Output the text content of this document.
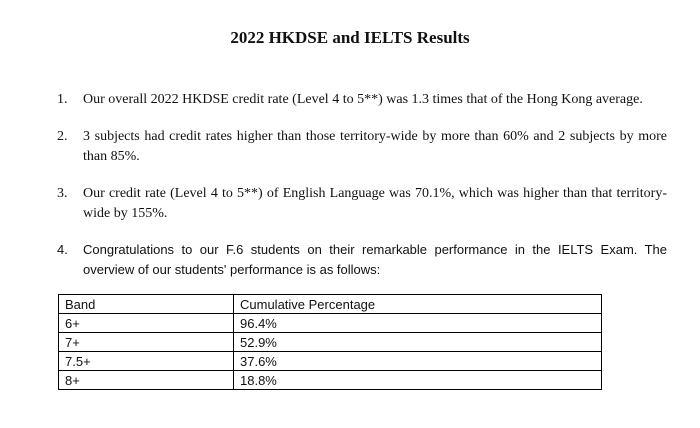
2022 HKDSE and IELTS Results
1. Our overall 2022 HKDSE credit rate (Level 4 to 5**) was 1.3 times that of the Hong Kong average.
2. 3 subjects had credit rates higher than those territory-wide by more than 60% and 2 subjects by more than 85%.
3. Our credit rate (Level 4 to 5**) of English Language was 70.1%, which was higher than that territory-wide by 155%.
4. Congratulations to our F.6 students on their remarkable performance in the IELTS Exam. The overview of our students' performance is as follows:
Band	Cumulative Percentage
6+	96.4%
7+	52.9%
7.5+	37.6%
8+	18.8%
